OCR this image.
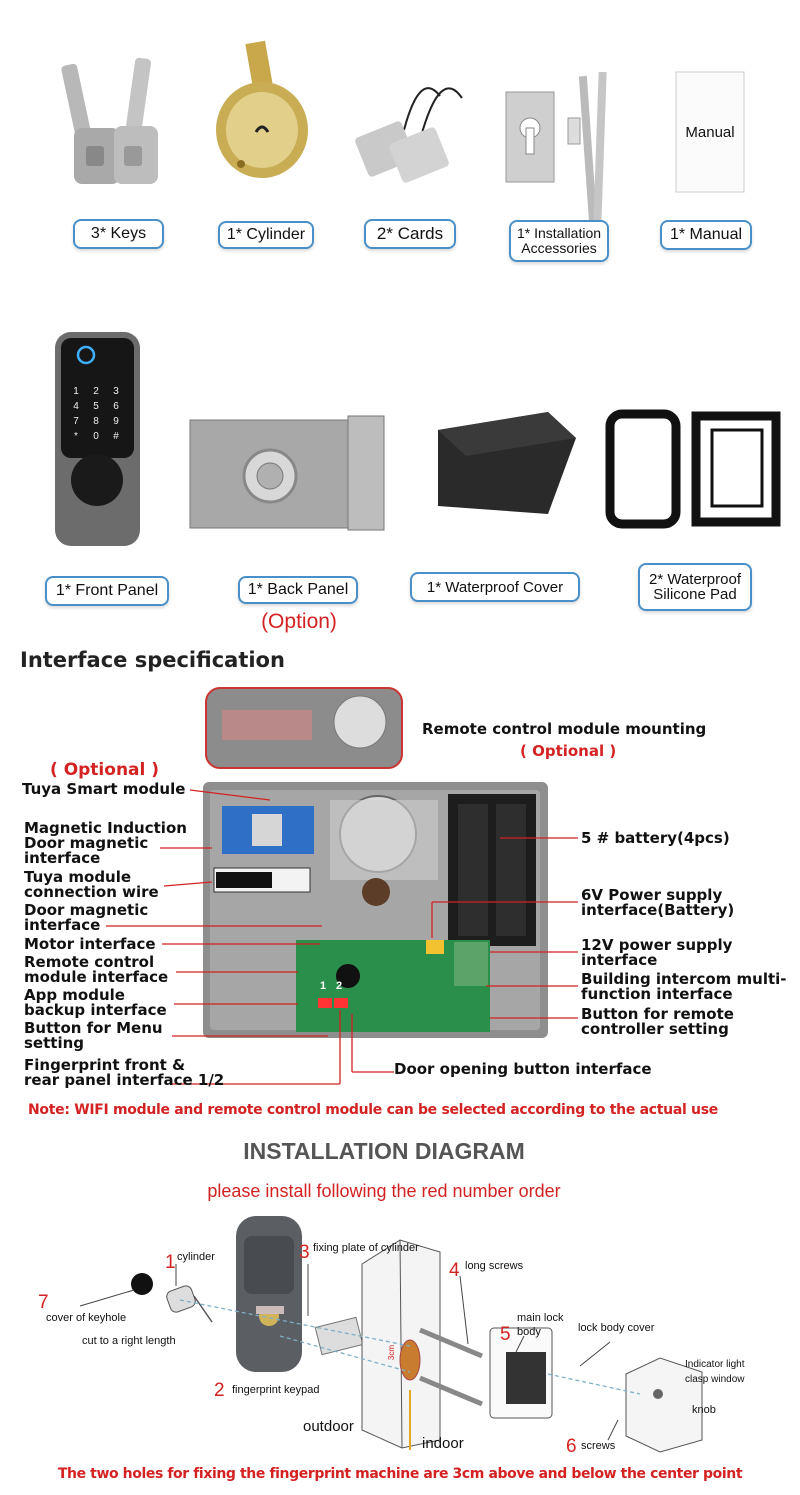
Manual
3* Keys	1* Cylinder	2* Cards	1* Installation
Accessories
1* Manual
1	2	3
4	5	6
7	8	9
*	0	#
1* Front Panel	1* Back Panel
(Option)
1* Waterproof Cover	2* Waterproof
Silicone Pad
Interface specification
Remote control module mounting
( Optional )
( Optional )
Tuya Smart module
Magnetic Induction
Door magnetic
interface
Tuya module
connection wire
Door magnetic
interface
Motor interface
Remote control
module interface
App module
backup interface
Button for Menu
setting
Fingerprint front &
rear panel interface 1/2
5 # battery(4pcs)
6V Power supply
interface(Battery)
12V power supply
interface
Building intercom multi-
function interface
Button for remote
controller setting
Door opening button interface
1 2
Note: WIFI module and remote control module can be selected according to the actual use
INSTALLATION DIAGRAM
please install following the red number order
1 cylinder
2 fingerprint keypad
3 fixing plate of cylinder
4 long screws
5
main lock
body
6 screws
7
cover of keyhole
cut to a right length
lock body cover
Indicator light
clasp window
knob
outdoor
indoor
3cm
The two holes for fixing the fingerprint machine are 3cm above and below the center point
